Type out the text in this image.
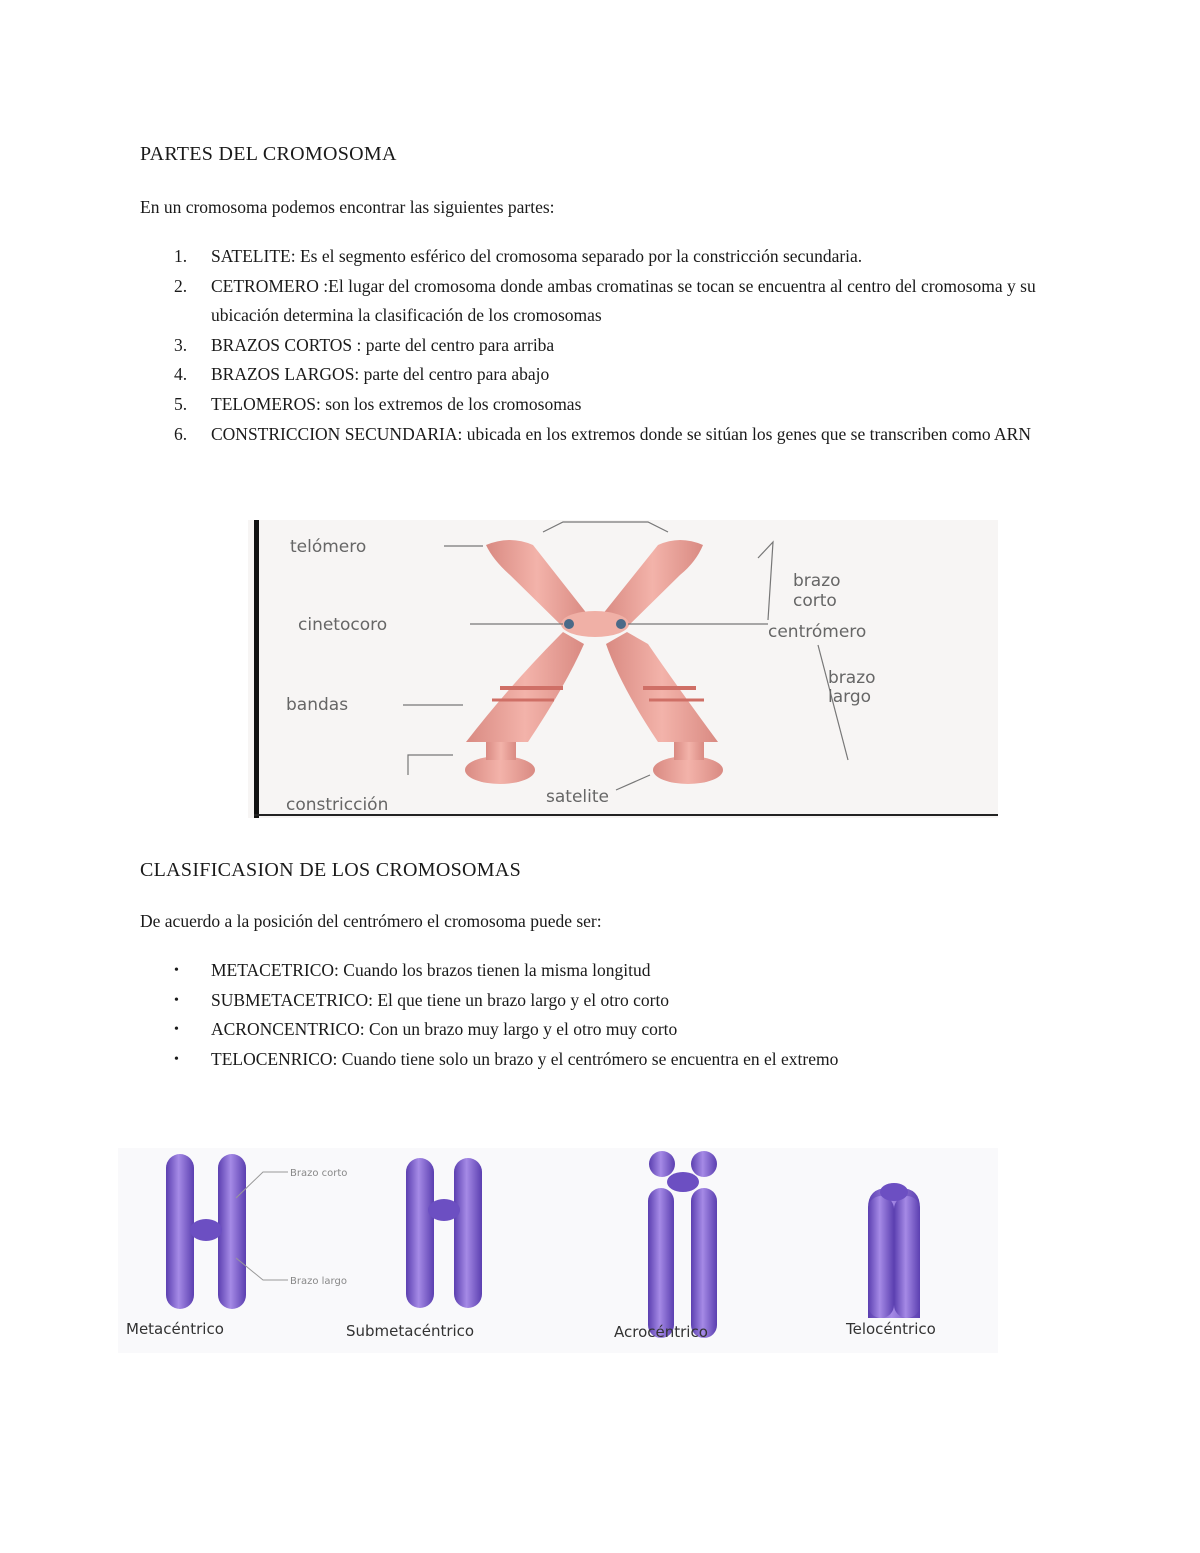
PARTES DEL CROMOSOMA
En un cromosoma podemos encontrar las siguientes partes:
1. SATELITE: Es el segmento esférico del cromosoma separado por la constricción secundaria.
2. CETROMERO :El lugar del cromosoma donde ambas cromatinas se tocan se encuentra al centro del cromosoma y su ubicación determina la clasificación de los cromosomas
3. BRAZOS CORTOS : parte del centro para arriba
4. BRAZOS LARGOS: parte del centro para abajo
5. TELOMEROS: son los extremos de los cromosomas
6. CONSTRICCION SECUNDARIA: ubicada en los extremos donde se sitúan los genes que se transcriben como ARN
telómero
cinetocoro
bandas
constricción	satelite
brazo
corto
centrómero
brazo
largo
CLASIFICASION DE LOS CROMOSOMAS
De acuerdo a la posición del centrómero el cromosoma puede ser:
• METACETRICO: Cuando los brazos tienen la misma longitud
• SUBMETACETRICO: El que tiene un brazo largo y el otro corto
• ACRONCENTRICO: Con un brazo muy largo y el otro muy corto
• TELOCENRICO: Cuando tiene solo un brazo y el centrómero se encuentra en el extremo
Brazo corto
Brazo largo
Metacéntrico	Submetacéntrico	Acrocéntrico	Telocéntrico
